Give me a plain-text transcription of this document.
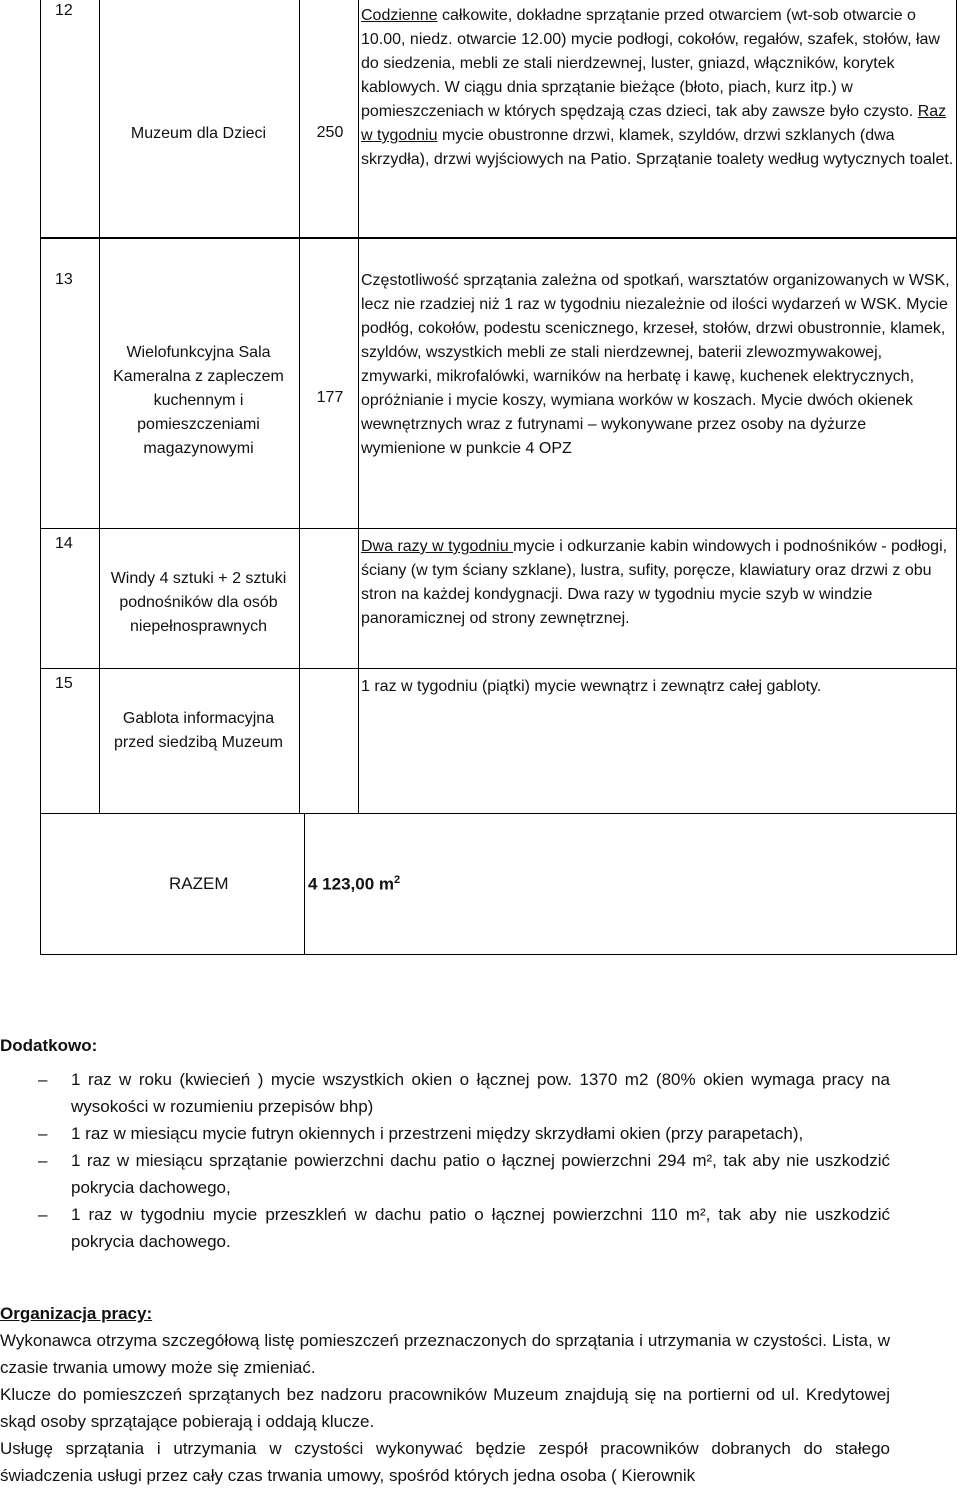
12
Muzeum dla Dzieci	250
Codzienne całkowite, dokładne sprzątanie przed otwarciem (wt-sob otwarcie o 10.00, niedz. otwarcie 12.00) mycie podłogi, cokołów, regałów, szafek, stołów, ław do siedzenia, mebli ze stali nierdzewnej, luster, gniazd, włączników, korytek kablowych. W ciągu dnia sprzątanie bieżące (błoto, piach, kurz itp.) w pomieszczeniach w których spędzają czas dzieci, tak aby zawsze było czysto. Raz w tygodniu mycie obustronne drzwi, klamek, szyldów, drzwi szklanych (dwa skrzydła), drzwi wyjściowych na Patio. Sprzątanie toalety według wytycznych toalet.
13
Wielofunkcyjna Sala Kameralna z zapleczem kuchennym i pomieszczeniami magazynowymi
177
Częstotliwość sprzątania zależna od spotkań, warsztatów organizowanych w WSK, lecz nie rzadziej niż 1 raz w tygodniu niezależnie od ilości wydarzeń w WSK. Mycie podłóg, cokołów, podestu scenicznego, krzeseł, stołów, drzwi obustronnie, klamek, szyldów, wszystkich mebli ze stali nierdzewnej, baterii zlewozmywakowej, zmywarki, mikrofalówki, warników na herbatę i kawę, kuchenek elektrycznych, opróżnianie i mycie koszy, wymiana worków w koszach. Mycie dwóch okienek wewnętrznych wraz z futrynami – wykonywane przez osoby na dyżurze wymienione w punkcie 4 OPZ
14
Windy 4 sztuki + 2 sztuki podnośników dla osób niepełnosprawnych
Dwa razy w tygodniu mycie i odkurzanie kabin windowych i podnośników - podłogi, ściany (w tym ściany szklane), lustra, sufity, poręcze, klawiatury oraz drzwi z obu stron na każdej kondygnacji. Dwa razy w tygodniu mycie szyb w windzie panoramicznej od strony zewnętrznej.
15
Gablota informacyjna przed siedzibą Muzeum
1 raz w tygodniu (piątki) mycie wewnątrz i zewnątrz całej gabloty.
RAZEM	4 123,00 $m^2$
Dodatkowo:
– 1 raz w roku (kwiecień ) mycie wszystkich okien o łącznej pow. 1370 m2 (80% okien wymaga pracy na wysokości w rozumieniu przepisów bhp)
– 1 raz w miesiącu mycie futryn okiennych i przestrzeni między skrzydłami okien (przy parapetach),
– 1 raz w miesiącu sprzątanie powierzchni dachu patio o łącznej powierzchni 294 m², tak aby nie uszkodzić pokrycia dachowego,
– 1 raz w tygodniu mycie przeszkleń w dachu patio o łącznej powierzchni 110 m², tak aby nie uszkodzić pokrycia dachowego.
Organizacja pracy:
Wykonawca otrzyma szczegółową listę pomieszczeń przeznaczonych do sprzątania i utrzymania w czystości. Lista, w czasie trwania umowy może się zmieniać.
Klucze do pomieszczeń sprzątanych bez nadzoru pracowników Muzeum znajdują się na portierni od ul. Kredytowej skąd osoby sprzątające pobierają i oddają klucze.
Usługę sprzątania i utrzymania w czystości wykonywać będzie zespół pracowników dobranych do stałego świadczenia usługi przez cały czas trwania umowy, spośród których jedna osoba ( Kierownik
